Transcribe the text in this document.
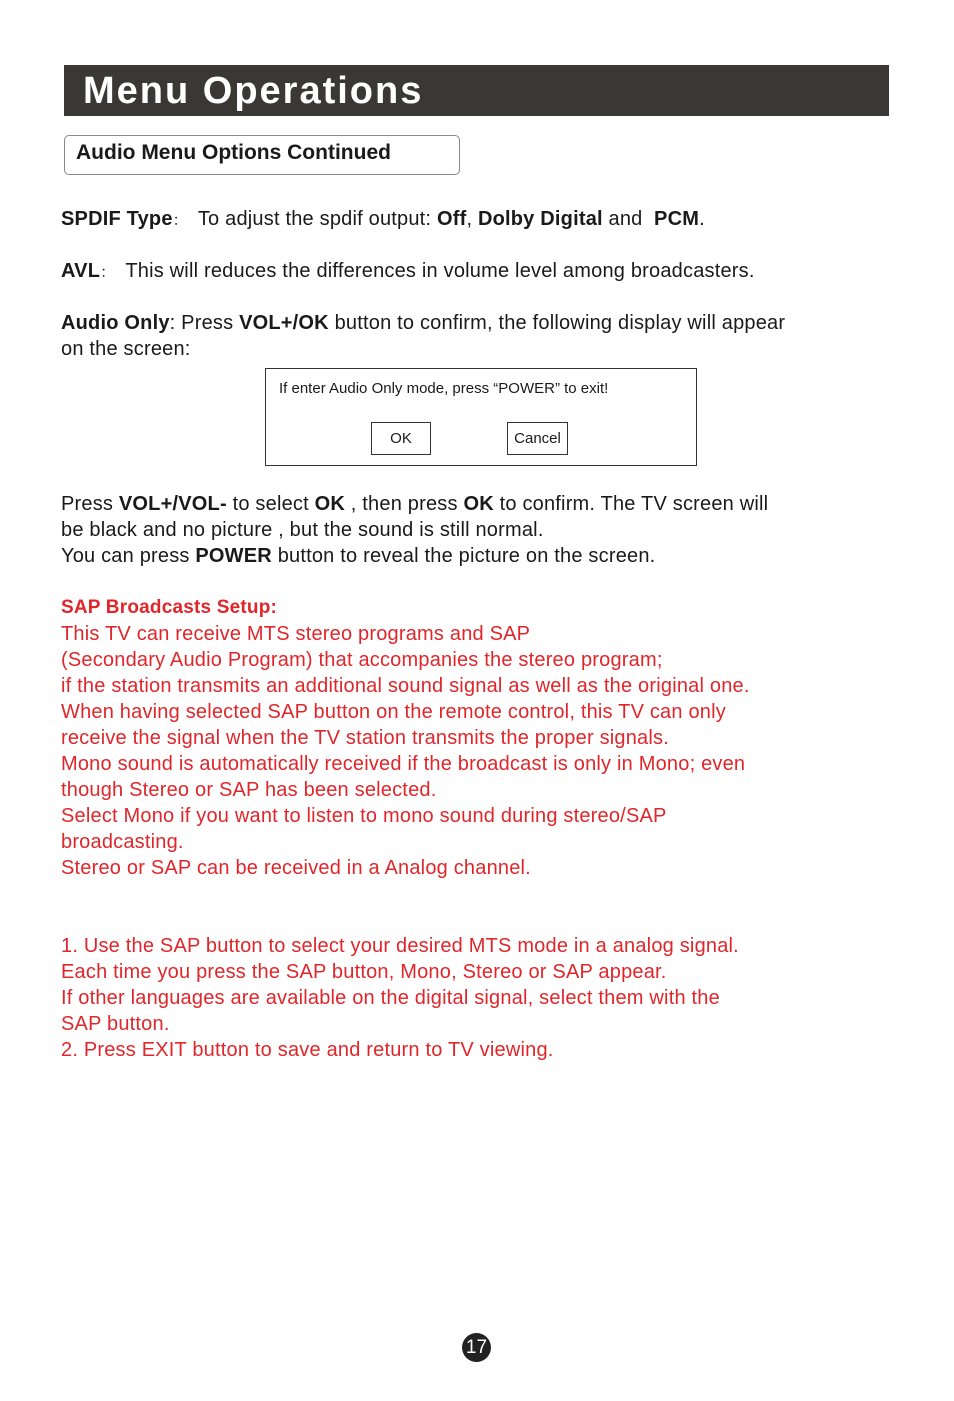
Menu Operations
Audio Menu Options Continued
SPDIF Type： To adjust the spdif output: Off, Dolby Digital and  PCM.
AVL： This will reduces the differences in volume level among broadcasters.
Audio Only: Press VOL+/OK button to confirm, the following display will appear
on the screen:
If enter Audio Only mode, press “POWER” to exit!
OK	Cancel
Press VOL+/VOL- to select OK , then press OK to confirm. The TV screen will
be black and no picture , but the sound is still normal.
You can press POWER button to reveal the picture on the screen.
SAP Broadcasts Setup:
This TV can receive MTS stereo programs and SAP
(Secondary Audio Program) that accompanies the stereo program;
if the station transmits an additional sound signal as well as the original one.
When having selected SAP button on the remote control, this TV can only
receive the signal when the TV station transmits the proper signals.
Mono sound is automatically received if the broadcast is only in Mono; even
though Stereo or SAP has been selected.
Select Mono if you want to listen to mono sound during stereo/SAP
broadcasting.
Stereo or SAP can be received in a Analog channel.
1. Use the SAP button to select your desired MTS mode in a analog signal.
Each time you press the SAP button, Mono, Stereo or SAP appear.
If other languages are available on the digital signal, select them with the
SAP button.
2. Press EXIT button to save and return to TV viewing.
17
